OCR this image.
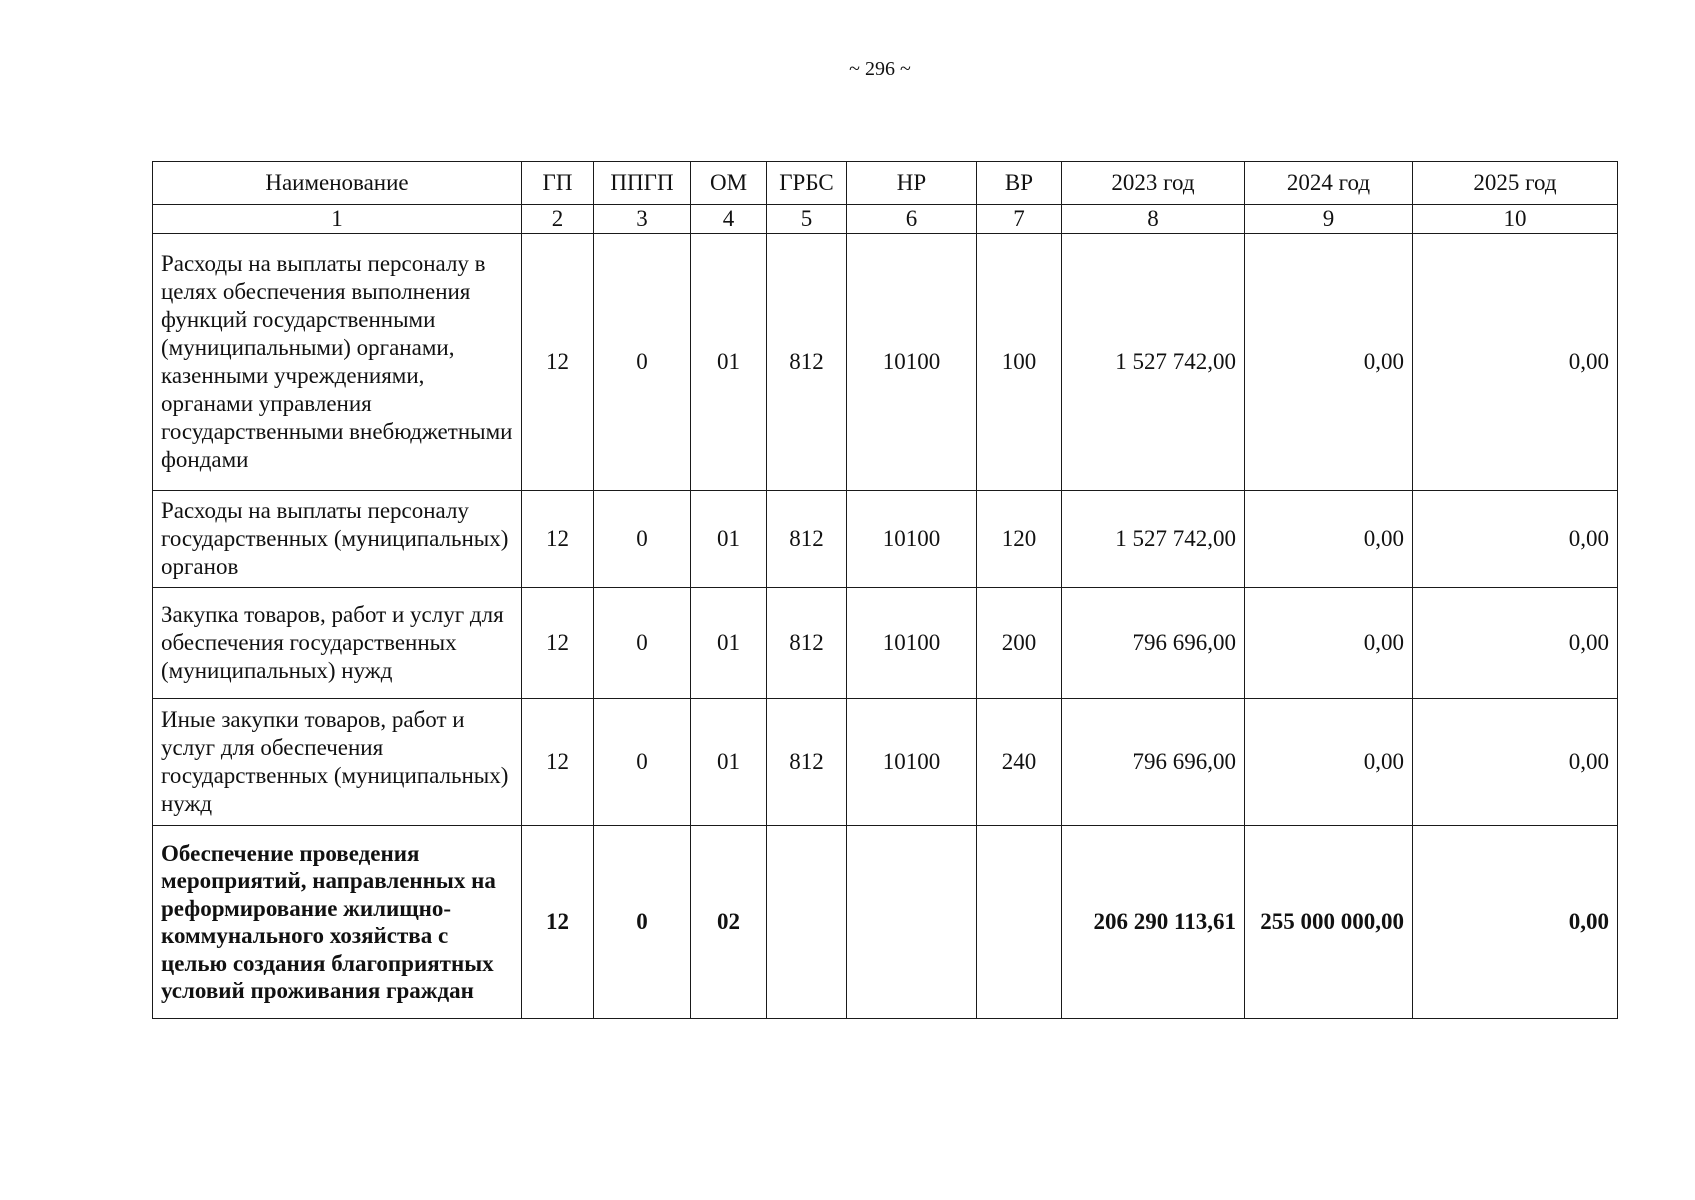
~ 296 ~
Наименование	ГП	ППГП	ОМ	ГРБС	НР	ВР	2023 год	2024 год	2025 год
1	2	3	4	5	6	7	8	9	10
Расходы на выплаты персоналу в целях обеспечения выполнения функций государственными (муниципальными) органами, казенными учреждениями, органами управления государственными внебюджетными фондами	12	0	01	812	10100	100	1 527 742,00	0,00	0,00
Расходы на выплаты персоналу государственных (муниципальных) органов	12	0	01	812	10100	120	1 527 742,00	0,00	0,00
Закупка товаров, работ и услуг для обеспечения государственных (муниципальных) нужд	12	0	01	812	10100	200	796 696,00	0,00	0,00
Иные закупки товаров, работ и услуг для обеспечения государственных (муниципальных) нужд	12	0	01	812	10100	240	796 696,00	0,00	0,00
Обеспечение проведения мероприятий, направленных на реформирование жилищно-коммунального хозяйства с целью создания благоприятных условий проживания граждан	12	0	02				206 290 113,61	255 000 000,00	0,00
